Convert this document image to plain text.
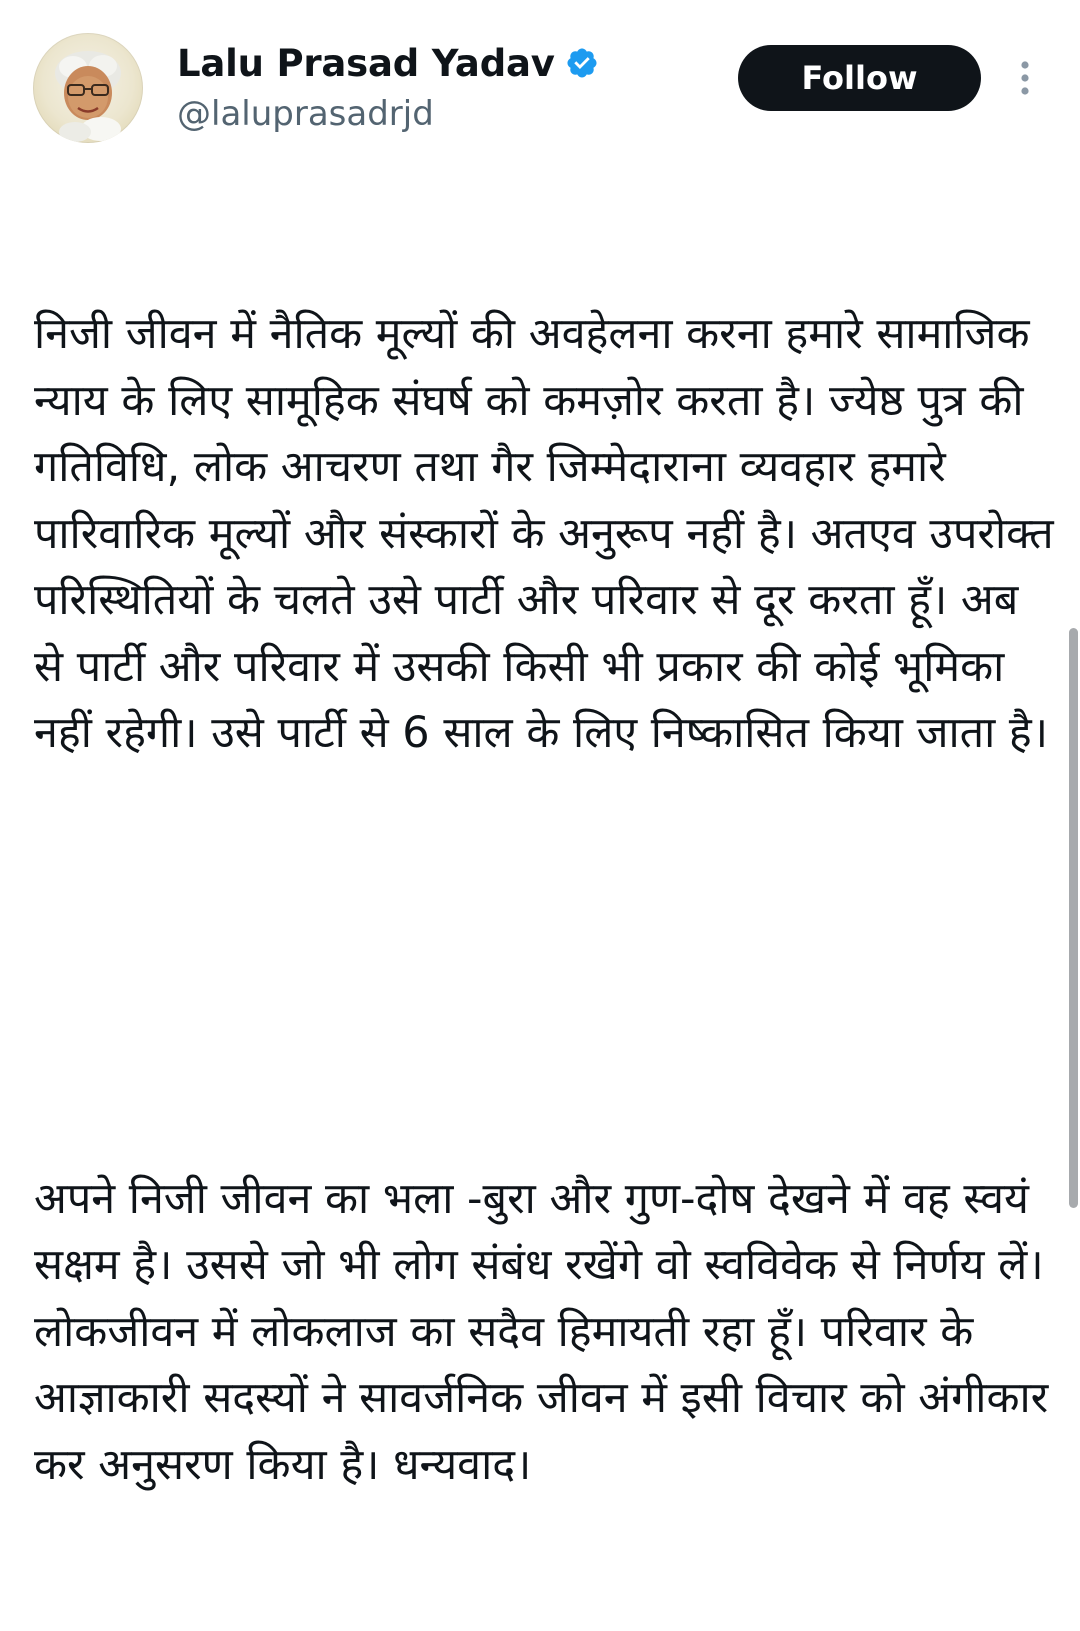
Lalu Prasad Yadav
@laluprasadrjd
Follow

निजी जीवन में नैतिक मूल्यों की अवहेलना करना हमारे सामाजिक न्याय के लिए सामूहिक संघर्ष को कमज़ोर करता है। ज्येष्ठ पुत्र की गतिविधि, लोक आचरण तथा गैर जिम्मेदाराना व्यवहार हमारे पारिवारिक मूल्यों और संस्कारों के अनुरूप नहीं है। अतएव उपरोक्त परिस्थितियों के चलते उसे पार्टी और परिवार से दूर करता हूँ। अब से पार्टी और परिवार में उसकी किसी भी प्रकार की कोई भूमिका नहीं रहेगी। उसे पार्टी से 6 साल के लिए निष्कासित किया जाता है।

अपने निजी जीवन का भला -बुरा और गुण-दोष देखने में वह स्वयं सक्षम है। उससे जो भी लोग संबंध रखेंगे वो स्वविवेक से निर्णय लें। लोकजीवन में लोकलाज का सदैव हिमायती रहा हूँ। परिवार के आज्ञाकारी सदस्यों ने सावर्जनिक जीवन में इसी विचार को अंगीकार कर अनुसरण किया है। धन्यवाद।
